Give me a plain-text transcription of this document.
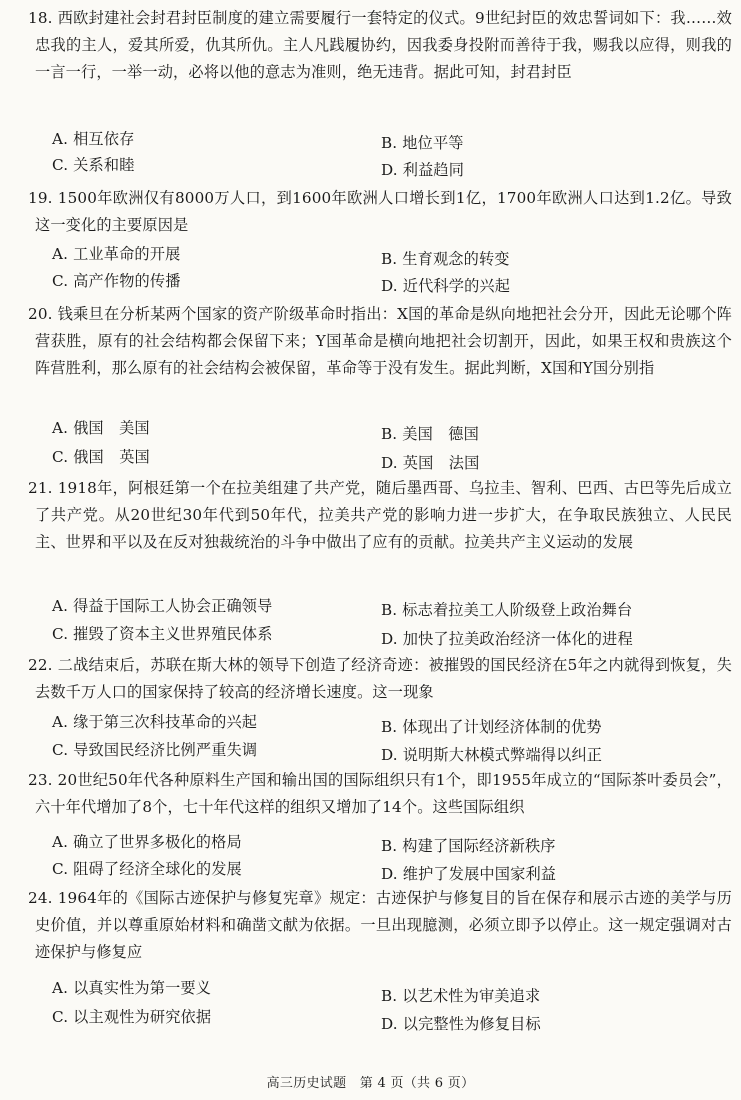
18. 西欧封建社会封君封臣制度的建立需要履行一套特定的仪式。9世纪封臣的效忠誓词如下：我……效忠我的主人，爱其所爱，仇其所仇。主人凡践履协约，因我委身投附而善待于我，赐我以应得，则我的一言一行，一举一动，必将以他的意志为准则，绝无违背。据此可知，封君封臣
A. 相互依存	B. 地位平等
C. 关系和睦	D. 利益趋同
19. 1500年欧洲仅有8000万人口，到1600年欧洲人口增长到1亿，1700年欧洲人口达到1.2亿。导致这一变化的主要原因是
A. 工业革命的开展	B. 生育观念的转变
C. 高产作物的传播	D. 近代科学的兴起
20. 钱乘旦在分析某两个国家的资产阶级革命时指出：X国的革命是纵向地把社会分开，因此无论哪个阵营获胜，原有的社会结构都会保留下来；Y国革命是横向地把社会切割开，因此，如果王权和贵族这个阵营胜利，那么原有的社会结构会被保留，革命等于没有发生。据此判断，X国和Y国分别指
A. 俄国　美国	B. 美国　德国
C. 俄国　英国	D. 英国　法国
21. 1918年，阿根廷第一个在拉美组建了共产党，随后墨西哥、乌拉圭、智利、巴西、古巴等先后成立了共产党。从20世纪30年代到50年代，拉美共产党的影响力进一步扩大，在争取民族独立、人民民主、世界和平以及在反对独裁统治的斗争中做出了应有的贡献。拉美共产主义运动的发展
A. 得益于国际工人协会正确领导	B. 标志着拉美工人阶级登上政治舞台
C. 摧毁了资本主义世界殖民体系	D. 加快了拉美政治经济一体化的进程
22. 二战结束后，苏联在斯大林的领导下创造了经济奇迹：被摧毁的国民经济在5年之内就得到恢复，失去数千万人口的国家保持了较高的经济增长速度。这一现象
A. 缘于第三次科技革命的兴起	B. 体现出了计划经济体制的优势
C. 导致国民经济比例严重失调	D. 说明斯大林模式弊端得以纠正
23. 20世纪50年代各种原料生产国和输出国的国际组织只有1个，即1955年成立的“国际茶叶委员会”，六十年代增加了8个，七十年代这样的组织又增加了14个。这些国际组织
A. 确立了世界多极化的格局	B. 构建了国际经济新秩序
C. 阻碍了经济全球化的发展	D. 维护了发展中国家利益
24. 1964年的《国际古迹保护与修复宪章》规定：古迹保护与修复目的旨在保存和展示古迹的美学与历史价值，并以尊重原始材料和确凿文献为依据。一旦出现臆测，必须立即予以停止。这一规定强调对古迹保护与修复应
A. 以真实性为第一要义	B. 以艺术性为审美追求
C. 以主观性为研究依据	D. 以完整性为修复目标
高三历史试题　第 4 页（共 6 页）
